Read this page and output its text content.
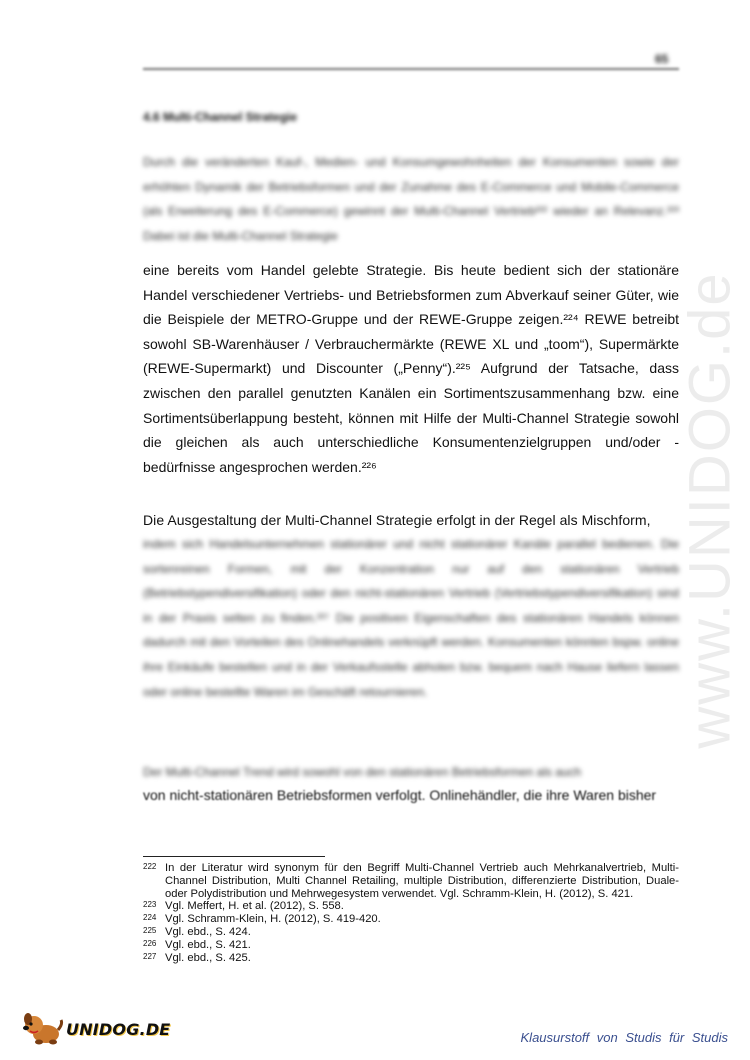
www.UNIDOG.de
65
4.6 Multi-Channel Strategie

Durch die veränderten Kauf-, Medien- und Konsumgewohnheiten der Konsumenten sowie der erhöhten Dynamik der Betriebsformen und der Zunahme des E-Commerce und Mobile-Commerce (als Erweiterung des E-Commerce) gewinnt der Multi-Channel Vertrieb²²² wieder an Relevanz.²²³ Dabei ist die Multi-Channel Strategie

eine bereits vom Handel gelebte Strategie. Bis heute bedient sich der stationäre Handel verschiedener Vertriebs- und Betriebsformen zum Abverkauf seiner Güter, wie die Beispiele der METRO-Gruppe und der REWE-Gruppe zeigen.²²⁴ REWE betreibt sowohl SB-Warenhäuser / Verbrauchermärkte (REWE XL und „toom“), Supermärkte (REWE-Supermarkt) und Discounter („Penny“).²²⁵ Aufgrund der Tatsache, dass zwischen den parallel genutzten Kanälen ein Sortimentszusammenhang bzw. eine Sortimentsüberlappung besteht, können mit Hilfe der Multi-Channel Strategie sowohl die gleichen als auch unterschiedliche Konsumentenzielgruppen und/oder -bedürfnisse angesprochen werden.²²⁶

Die Ausgestaltung der Multi-Channel Strategie erfolgt in der Regel als Mischform,

indem sich Handelsunternehmen stationärer und nicht stationärer Kanäle parallel bedienen. Die sortenreinen Formen, mit der Konzentration nur auf den stationären Vertrieb (Betriebstypendiversifikation) oder den nicht-stationären Vertrieb (Vertriebstypendiversifikation) sind in der Praxis selten zu finden.²²⁷ Die positiven Eigenschaften des stationären Handels können dadurch mit den Vorteilen des Onlinehandels verknüpft werden. Konsumenten könnten bspw. online ihre Einkäufe bestellen und in der Verkaufsstelle abholen bzw. bequem nach Hause liefern lassen oder online bestellte Waren im Geschäft retournieren.

Der Multi-Channel Trend wird sowohl von den stationären Betriebsformen als auch

von nicht-stationären Betriebsformen verfolgt. Onlinehändler, die ihre Waren bisher

222 In der Literatur wird synonym für den Begriff Multi-Channel Vertrieb auch Mehrkanalvertrieb, Multi-Channel Distribution, Multi Channel Retailing, multiple Distribution, differenzierte Distribution, Duale- oder Polydistribution und Mehrwegesystem verwendet. Vgl. Schramm-Klein, H. (2012), S. 421.
223 Vgl. Meffert, H. et al. (2012), S. 558.
224 Vgl. Schramm-Klein, H. (2012), S. 419-420.
225 Vgl. ebd., S. 424.
226 Vgl. ebd., S. 421.
227 Vgl. ebd., S. 425.
UNIDOG.DE	Klausurstoff von Studis für Studis
